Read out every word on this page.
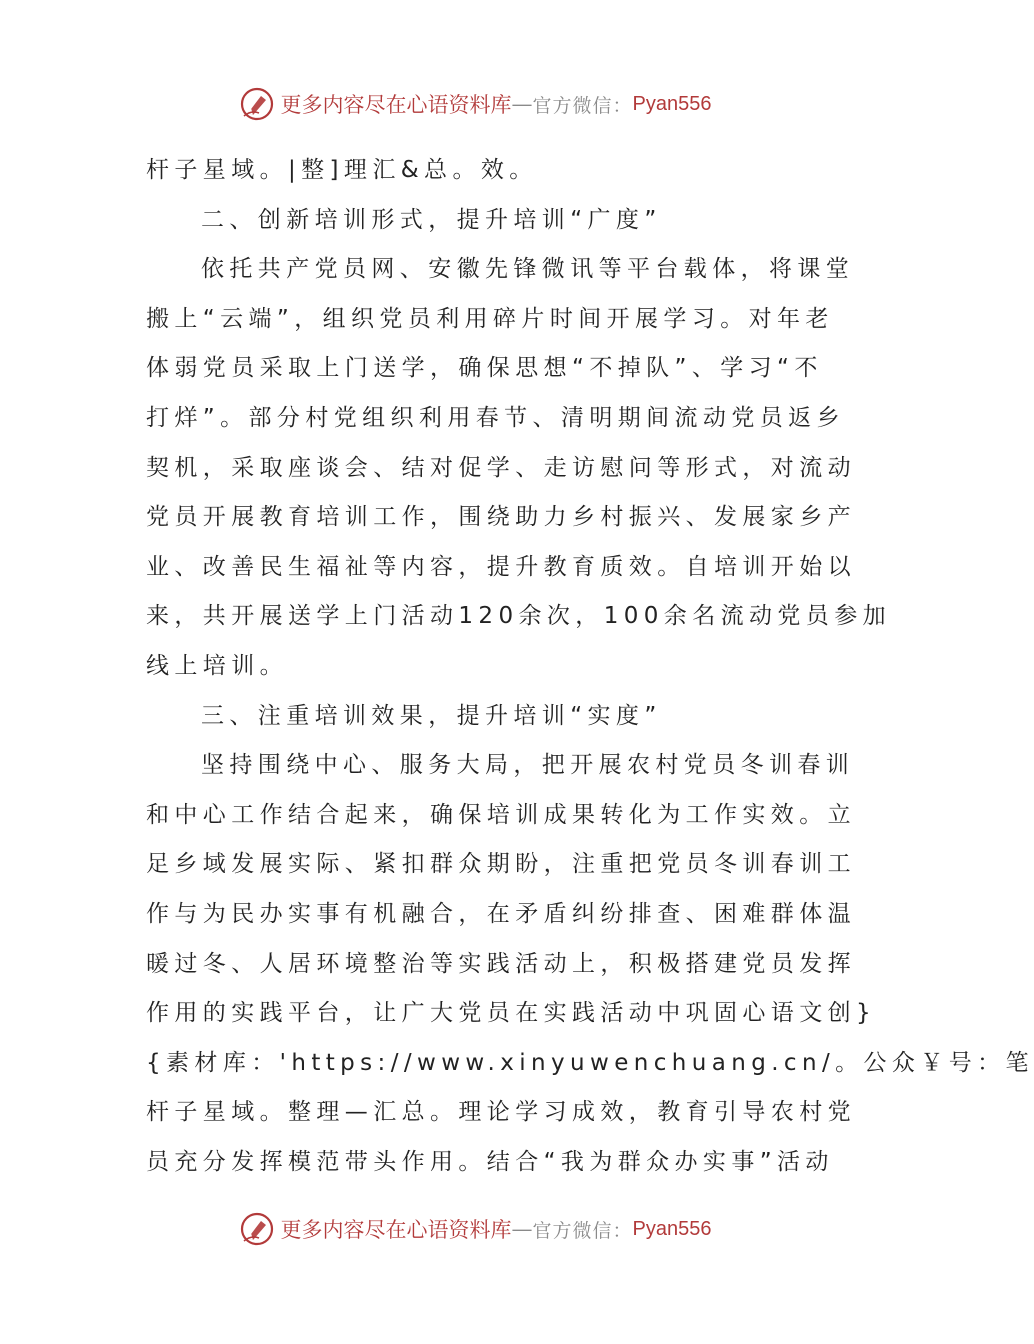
更多内容尽在心语资料库 — 官方微信： Pyan556
杆子星域。|整]理汇&总。效。
二、创新培训形式，提升培训“广度”
依托共产党员网、安徽先锋微讯等平台载体，将课堂
搬上“云端”，组织党员利用碎片时间开展学习。对年老
体弱党员采取上门送学，确保思想“不掉队”、学习“不
打烊”。部分村党组织利用春节、清明期间流动党员返乡
契机，采取座谈会、结对促学、走访慰问等形式，对流动
党员开展教育培训工作，围绕助力乡村振兴、发展家乡产
业、改善民生福祉等内容，提升教育质效。自培训开始以
来，共开展送学上门活动120余次，100余名流动党员参加
线上培训。
三、注重培训效果，提升培训“实度”
坚持围绕中心、服务大局，把开展农村党员冬训春训
和中心工作结合起来，确保培训成果转化为工作实效。立
足乡域发展实际、紧扣群众期盼，注重把党员冬训春训工
作与为民办实事有机融合，在矛盾纠纷排查、困难群体温
暖过冬、人居环境整治等实践活动上，积极搭建党员发挥
作用的实践平台，让广大党员在实践活动中巩固心语文创}
{素材库：'https://www.xinyuwenchuang.cn/。公众￥号：笔
杆子星域。整理—汇总。理论学习成效，教育引导农村党
员充分发挥模范带头作用。结合“我为群众办实事”活动
更多内容尽在心语资料库 — 官方微信： Pyan556
